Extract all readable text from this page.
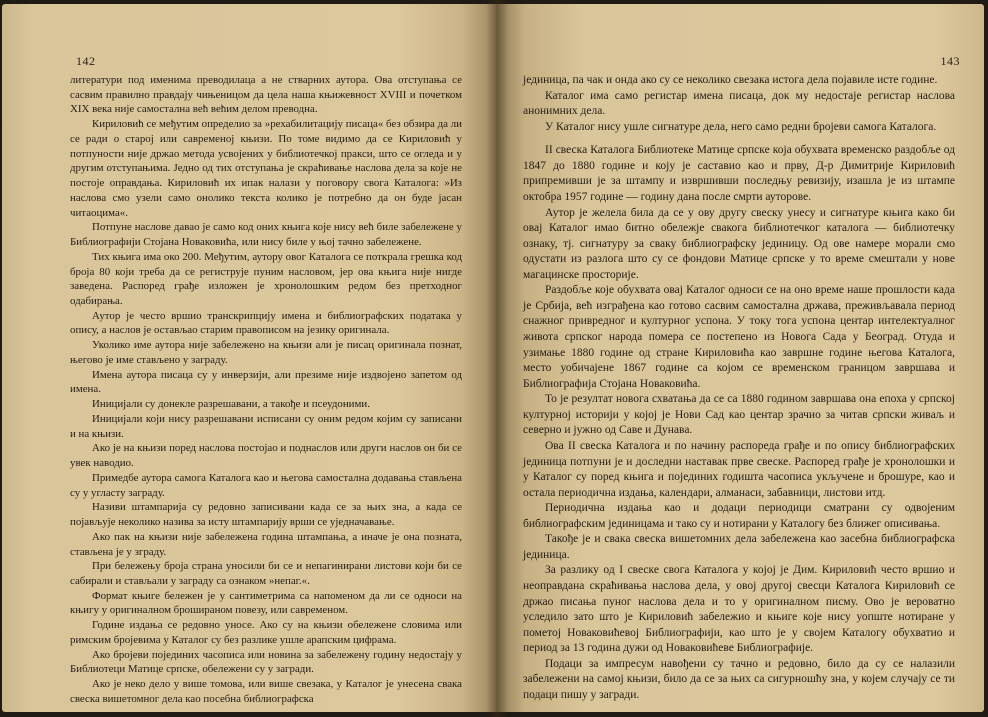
142

литератури под именима преводилаца а не стварних аутора. Ова отступања се сасвим правилно правдају чињеницом да цела наша књижевност XVIII и почетком XIX века није самостална већ већим делом преводна.

Кириловић се међутим определио за »рехабилитацију писаца« без обзира да ли се ради о старој или савременој књизи. По томе видимо да се Кириловић у потпуности није држао метода усвојених у библиотечкој пракси, што се огледа и у другим отступањима. Једно од тих отступања је скраћивање наслова дела за које не постоје оправдања. Кириловић их ипак налази у поговору свога Каталога: »Из наслова смо узели само онолико текста колико је потребно да он буде јасан читаоцима«.

Потпуне наслове давао је само код оних књига које нису већ биле забележене у Библиографији Стојана Новаковића, или нису биле у њој тачно забележене.

Тих књига има око 200. Међутим, аутору овог Каталога се поткрала грешка код броја 80 који треба да се региструје пуним насловом, јер ова књига није нигде заведена. Распоред грађе изложен је хронолошким редом без претходног одабирања.

Аутор је често вршио транскрипцију имена и библиографских података у опису, а наслов је остављао старим правописом на језику оригинала.

Уколико име аутора није забележено на књизи али је писац оригинала познат, његово је име стављено у заграду.

Имена аутора писаца су у инверзији, али презиме није издвојено запетом од имена.

Иницијали су донекле разрешавани, а такође и псеудоними.

Иницијали који нису разрешавани исписани су оним редом којим су записани и на књизи.

Ако је на књизи поред наслова постојао и поднаслов или други наслов он би се увек наводио.

Примедбе аутора самога Каталога као и његова самостална додавања стављена су у угласту заграду.

Називи штампарија су редовно записивани када се за њих зна, а када се појављује неколико назива за исту штампарију врши се уједначавање.

Ако пак на књизи није забележена година штампања, а иначе је она позната, стављена је у зграду.

При бележењу броја страна уносили би се и непагинирани листови који би се сабирали и стављали у заграду са ознаком »непаг.«.

Формат књиге бележен је у сантиметрима са напоменом да ли се односи на књигу у оригиналном брошираном повезу, или савременом.

Године издања се редовно уносе. Ако су на књизи обележене словима или римским бројевима у Каталог су без разлике ушле арапским цифрама.

Ако бројеви појединих часописа или новина за забележену годину недостају у Библиотеци Матице српске, обележени су у загради.

Ако је неко дело у више томова, или више свезака, у Каталог је унесена свака свеска вишетомног дела као посебна библиографска

143

јединица, па чак и онда ако су се неколико свезака истога дела појавиле исте године.

Каталог има само регистар имена писаца, док му недостаје регистар наслова анонимних дела.

У Каталог нису ушле сигнатуре дела, него само редни бројеви самога Каталога.

II свеска Каталога Библиотеке Матице српске која обухвата временско раздобље од 1847 до 1880 године и коју је саставио као и прву, Д-р Димитрије Кириловић припремивши је за штампу и извршивши последњу ревизију, изашла је из штампе октобра 1957 године — годину дана после смрти ауторове.

Аутор је желела била да се у ову другу свеску унесу и сигнатуре књига како би овај Каталог имао битно обележје свакога библиотечког каталога — библиотечку ознаку, тј. сигнатуру за сваку библиографску јединицу. Од ове намере морали смо одустати из разлога што су се фондови Матице српске у то време смештали у нове магацинске просторије.

Раздобље које обухвата овај Каталог односи се на оно време наше прошлости када је Србија, већ изграђена као готово сасвим самостална држава, преживљавала период снажног привредног и културног успона. У току тога успона центар интелектуалног живота српског народа помера се постепено из Новога Сада у Београд. Отуда и узимање 1880 године од стране Кириловића као завршне године његова Каталога, место уобичајене 1867 године са којом се временском границом завршава и Библиографија Стојана Новаковића.

То је резултат новога схватања да се са 1880 годином завршава она епоха у српској културној историји у којој је Нови Сад као центар зрачио за читав српски живаљ и северно и јужно од Саве и Дунава.

Ова II свеска Каталога и по начину распореда грађе и по опису библиографских јединица потпуни је и доследни наставак прве свеске. Распоред грађе је хронолошки и у Каталог су поред књига и појединих годишта часописа укључене и брошуре, као и остала периодична издања, календари, алманаси, забавници, листови итд.

Периодична издања као и додаци периодици сматрани су одвојеним библиографским јединицама и тако су и нотирани у Каталогу без ближег описивања.

Такође је и свака свеска вишетомних дела забележена као засебна библиографска јединица.

За разлику од I свеске свога Каталога у којој је Дим. Кириловић често вршио и неоправдана скраћивања наслова дела, у овој другој свесци Каталога Кириловић се држао писања пуног наслова дела и то у оригиналном писму. Ово је вероватно уследило зато што је Кириловић забележио и књиге које нису уопште нотиране у пометој Новаковићевој Библиографији, као што је у својем Каталогу обухватио и период за 13 година дужи од Новаковићеве Библиографије.

Подаци за импресум навођени су тачно и редовно, било да су се налазили забележени на самој књизи, било да се за њих са сигурношћу зна, у којем случају се ти подаци пишу у загради.
